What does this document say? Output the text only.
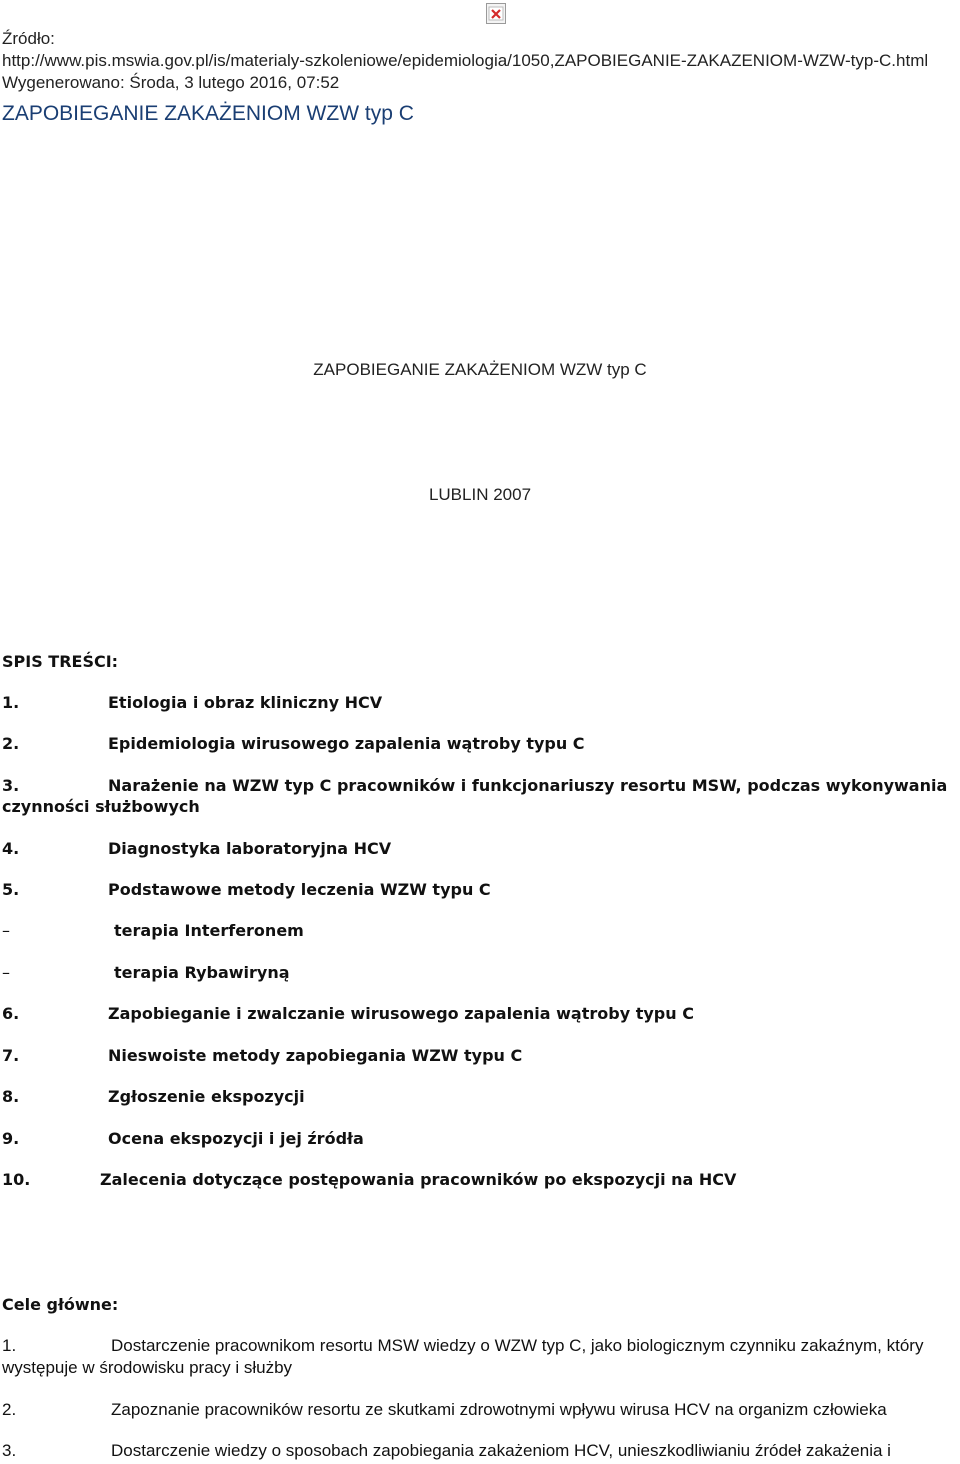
Źródło:
http://www.pis.mswia.gov.pl/is/materialy-szkoleniowe/epidemiologia/1050,ZAPOBIEGANIE-ZAKAZENIOM-WZW-typ-C.html
Wygenerowano: Środa, 3 lutego 2016, 07:52
ZAPOBIEGANIE ZAKAŻENIOM WZW typ C
ZAPOBIEGANIE ZAKAŻENIOM WZW typ C
LUBLIN 2007
SPIS TREŚCI:
1.	Etiologia i obraz kliniczny HCV
2.	Epidemiologia wirusowego zapalenia wątroby typu C
3.	Narażenie na WZW typ C pracowników i funkcjonariuszy resortu MSW, podczas wykonywania czynności służbowych
4.	Diagnostyka laboratoryjna HCV
5.	Podstawowe metody leczenia WZW typu C
–	terapia Interferonem
–	terapia Rybawiryną
6.	Zapobieganie i zwalczanie wirusowego zapalenia wątroby typu C
7.	Nieswoiste metody zapobiegania WZW typu C
8.	Zgłoszenie ekspozycji
9.	Ocena ekspozycji i jej źródła
10.	Zalecenia dotyczące postępowania pracowników po ekspozycji na HCV
Cele główne:
1.	Dostarczenie pracownikom resortu MSW wiedzy o WZW typ C, jako biologicznym czynniku zakaźnym, który występuje w środowisku pracy i służby
2.	Zapoznanie pracowników resortu ze skutkami zdrowotnymi wpływu wirusa HCV na organizm człowieka
3.	Dostarczenie wiedzy o sposobach zapobiegania zakażeniom HCV, unieszkodliwianiu źródeł zakażenia i
